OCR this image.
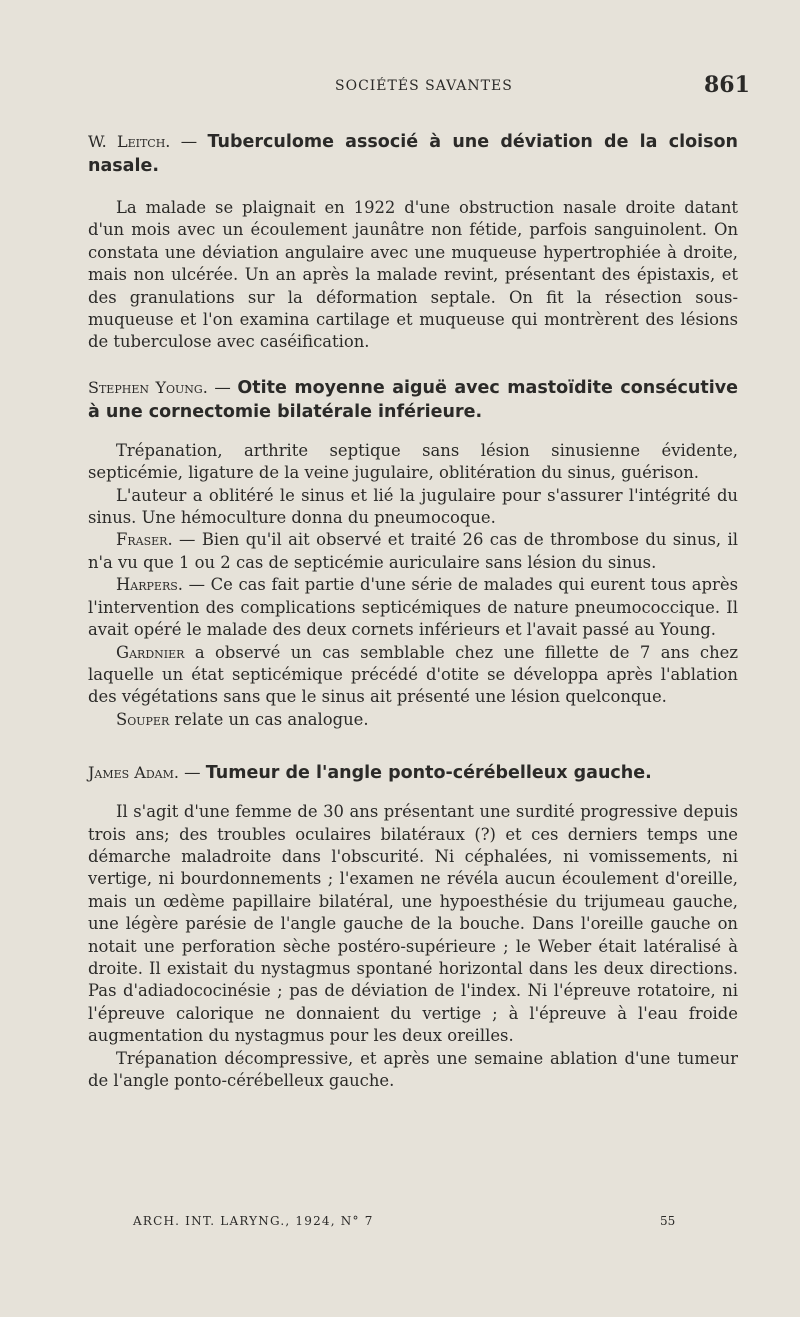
SOCIÉTÉS SAVANTES	861

W. Leitch. — Tuberculome associé à une déviation de la cloison nasale.

La malade se plaignait en 1922 d'une obstruction nasale droite datant d'un mois avec un écoulement jaunâtre non fétide, parfois sanguinolent. On constata une déviation angulaire avec une muqueuse hypertrophiée à droite, mais non ulcérée. Un an après la malade revint, présentant des épistaxis, et des granulations sur la déformation septale. On fit la résection sous-muqueuse et l'on examina cartilage et muqueuse qui montrèrent des lésions de tuberculose avec caséification.

Stephen Young. — Otite moyenne aiguë avec mastoïdite consécutive à une cornectomie bilatérale inférieure.

Trépanation, arthrite septique sans lésion sinusienne évidente, septicémie, ligature de la veine jugulaire, oblitération du sinus, guérison.

L'auteur a oblitéré le sinus et lié la jugulaire pour s'assurer l'intégrité du sinus. Une hémoculture donna du pneumocoque.

Fraser. — Bien qu'il ait observé et traité 26 cas de thrombose du sinus, il n'a vu que 1 ou 2 cas de septicémie auriculaire sans lésion du sinus.

Harpers. — Ce cas fait partie d'une série de malades qui eurent tous après l'intervention des complications septicémiques de nature pneumococcique. Il avait opéré le malade des deux cornets inférieurs et l'avait passé au Young.

Gardnier a observé un cas semblable chez une fillette de 7 ans chez laquelle un état septicémique précédé d'otite se développa après l'ablation des végétations sans que le sinus ait présenté une lésion quelconque.

Souper relate un cas analogue.

James Adam. — Tumeur de l'angle ponto-cérébelleux gauche.

Il s'agit d'une femme de 30 ans présentant une surdité progressive depuis trois ans; des troubles oculaires bilatéraux (?) et ces derniers temps une démarche maladroite dans l'obscurité. Ni céphalées, ni vomissements, ni vertige, ni bourdonnements ; l'examen ne révéla aucun écoulement d'oreille, mais un œdème papillaire bilatéral, une hypoesthésie du trijumeau gauche, une légère parésie de l'angle gauche de la bouche. Dans l'oreille gauche on notait une perforation sèche postéro-supérieure ; le Weber était latéralisé à droite. Il existait du nystagmus spontané horizontal dans les deux directions. Pas d'adiadococinésie ; pas de déviation de l'index. Ni l'épreuve rotatoire, ni l'épreuve calorique ne donnaient du vertige ; à l'épreuve à l'eau froide augmentation du nystagmus pour les deux oreilles.

Trépanation décompressive, et après une semaine ablation d'une tumeur de l'angle ponto-cérébelleux gauche.

ARCH. INT. LARYNG., 1924, N° 7	55
